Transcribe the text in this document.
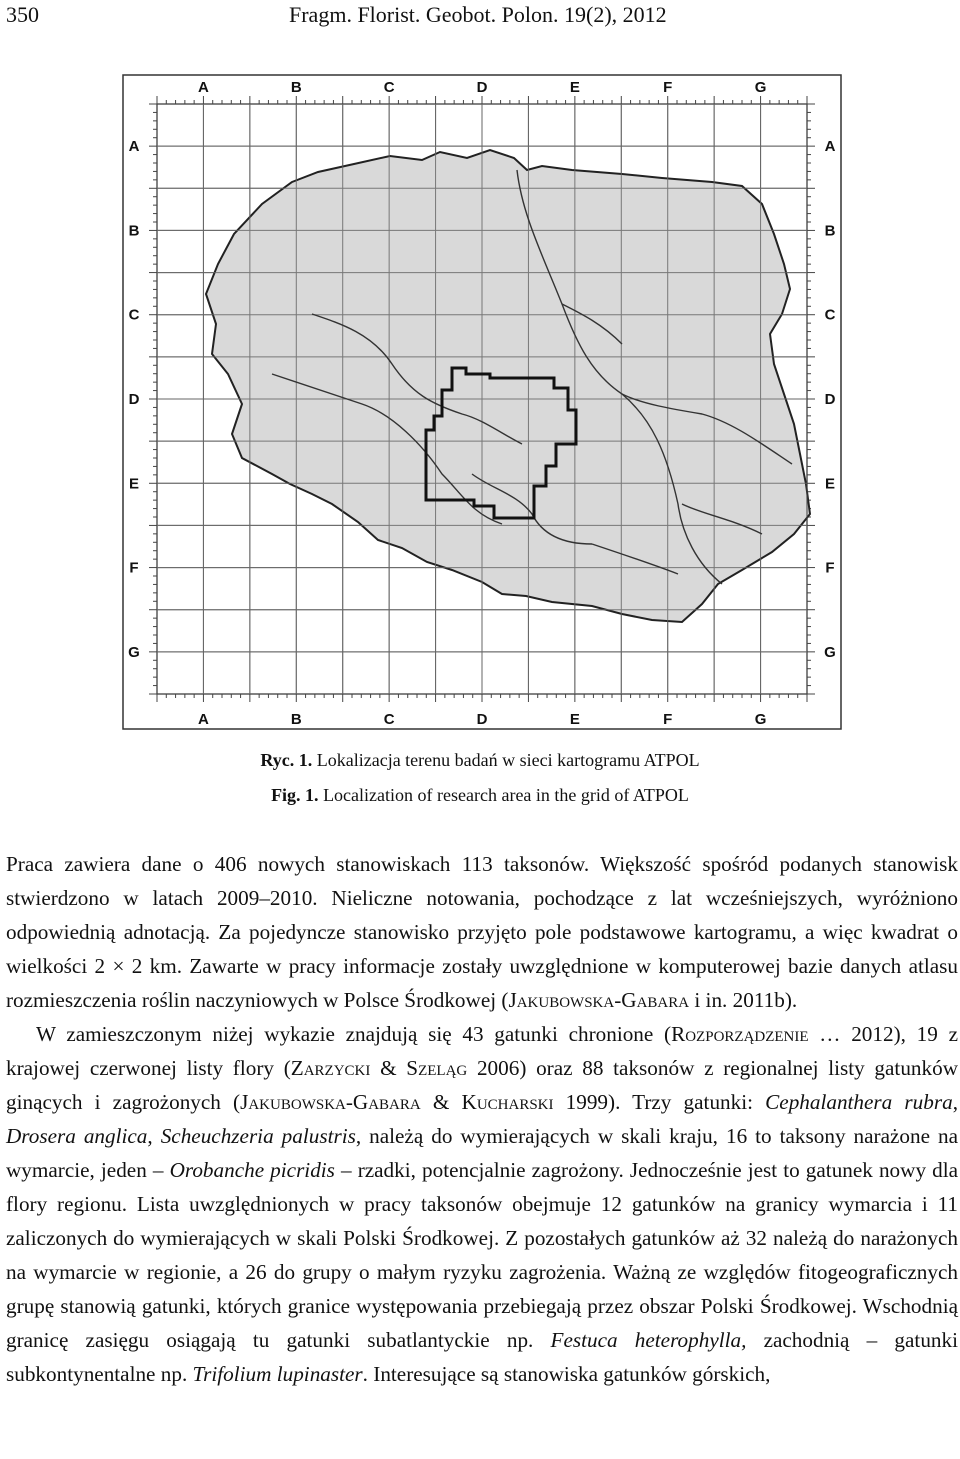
350	Fragm. Florist. Geobot. Polon. 19(2), 2012
A
A
B
B
C
C
D
D
E
E
F
F
G
G
A	A
B	B
C	C
D	D
E	E
F	F
G	G
Ryc. 1. Lokalizacja terenu badań w sieci kartogramu ATPOL
Fig. 1. Localization of research area in the grid of ATPOL

Praca zawiera dane o 406 nowych stanowiskach 113 taksonów. Większość spośród podanych stanowisk stwierdzono w latach 2009–2010. Nieliczne notowania, pochodzące z lat wcześniejszych, wyróżniono odpowiednią adnotacją. Za pojedyncze stanowisko przyjęto pole podstawowe kartogramu, a więc kwadrat o wielkości 2 × 2 km. Zawarte w pracy informacje zostały uwzględnione w komputerowej bazie danych atlasu rozmieszczenia roślin naczyniowych w Polsce Środkowej (Jakubowska-Gabara i in. 2011b).

W zamieszczonym niżej wykazie znajdują się 43 gatunki chronione (Rozporządzenie … 2012), 19 z krajowej czerwonej listy flory (Zarzycki & Szeląg 2006) oraz 88 taksonów z regionalnej listy gatunków ginących i zagrożonych (Jakubowska-Gabara & Kucharski 1999). Trzy gatunki: Cephalanthera rubra, Drosera anglica, Scheuchzeria palustris, należą do wymierających w skali kraju, 16 to taksony narażone na wymarcie, jeden – Orobanche picridis – rzadki, potencjalnie zagrożony. Jednocześnie jest to gatunek nowy dla flory regionu. Lista uwzględnionych w pracy taksonów obejmuje 12 gatunków na granicy wymarcia i 11 zaliczonych do wymierających w skali Polski Środkowej. Z pozostałych gatunków aż 32 należą do narażonych na wymarcie w regionie, a 26 do grupy o małym ryzyku zagrożenia. Ważną ze względów fitogeograficznych grupę stanowią gatunki, których granice występowania przebiegają przez obszar Polski Środkowej. Wschodnią granicę zasięgu osiągają tu gatunki subatlantyckie np. Festuca heterophylla, zachodnią – gatunki subkontynentalne np. Trifolium lupinaster. Interesujące są stanowiska gatunków górskich,
